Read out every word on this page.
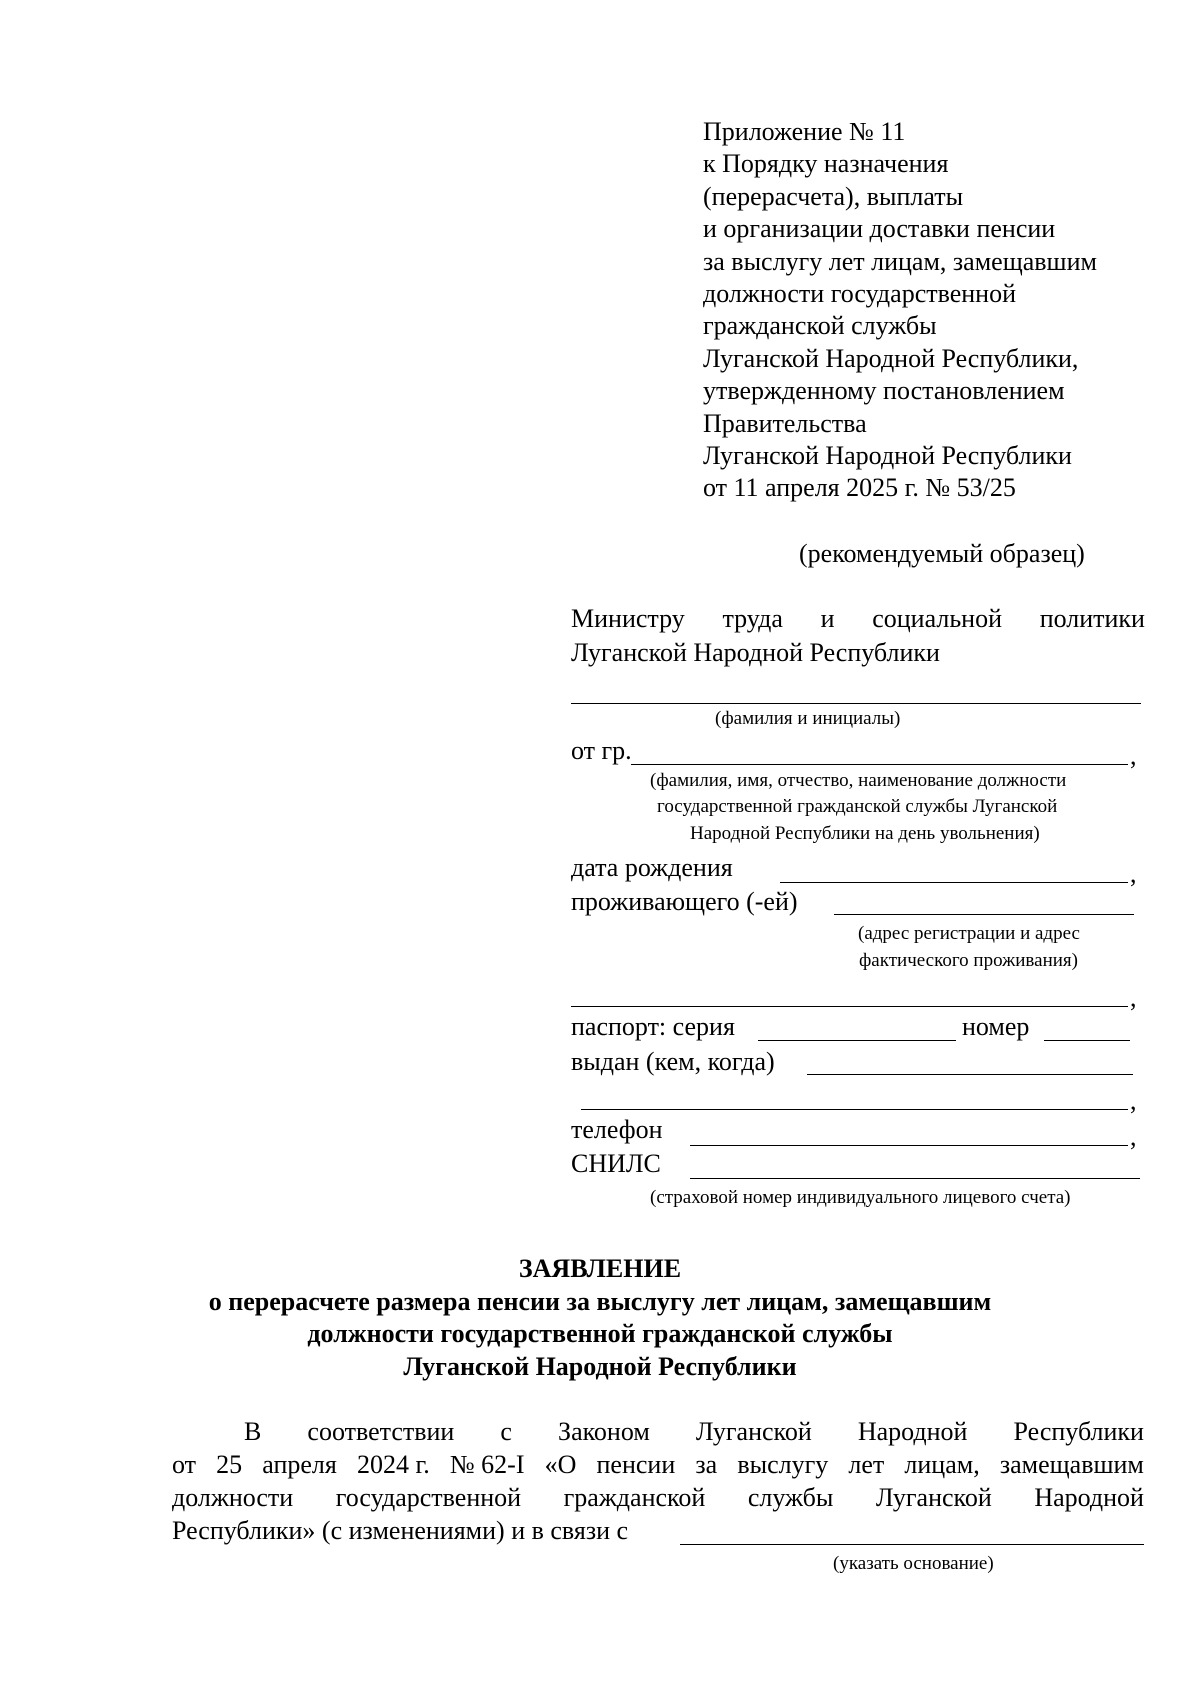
Приложение № 11
к Порядку назначения
(перерасчета), выплаты
и организации доставки пенсии
за выслугу лет лицам, замещавшим
должности государственной
гражданской службы
Луганской Народной Республики,
утвержденному постановлением
Правительства
Луганской Народной Республики
от 11 апреля 2025 г. № 53/25
(рекомендуемый образец)
Министру труда и социальной политики
Луганской Народной Республики
(фамилия и инициалы)
от гр.	,
(фамилия, имя, отчество, наименование должности
государственной гражданской службы Луганской
Народной Республики на день увольнения)
дата рождения	,
проживающего (-ей)
(адрес регистрации и адрес
фактического проживания)
,
паспорт: серия	номер
выдан (кем, когда)
,
телефон	,
СНИЛС
(страховой номер индивидуального лицевого счета)
ЗАЯВЛЕНИЕ
о перерасчете размера пенсии за выслугу лет лицам, замещавшим
должности государственной гражданской службы
Луганской Народной Республики
В соответствии с Законом Луганской Народной Республики
от 25 апреля 2024 г. № 62-I «О пенсии за выслугу лет лицам, замещавшим
должности государственной гражданской службы Луганской Народной
Республики» (с изменениями) и в связи с
(указать основание)
